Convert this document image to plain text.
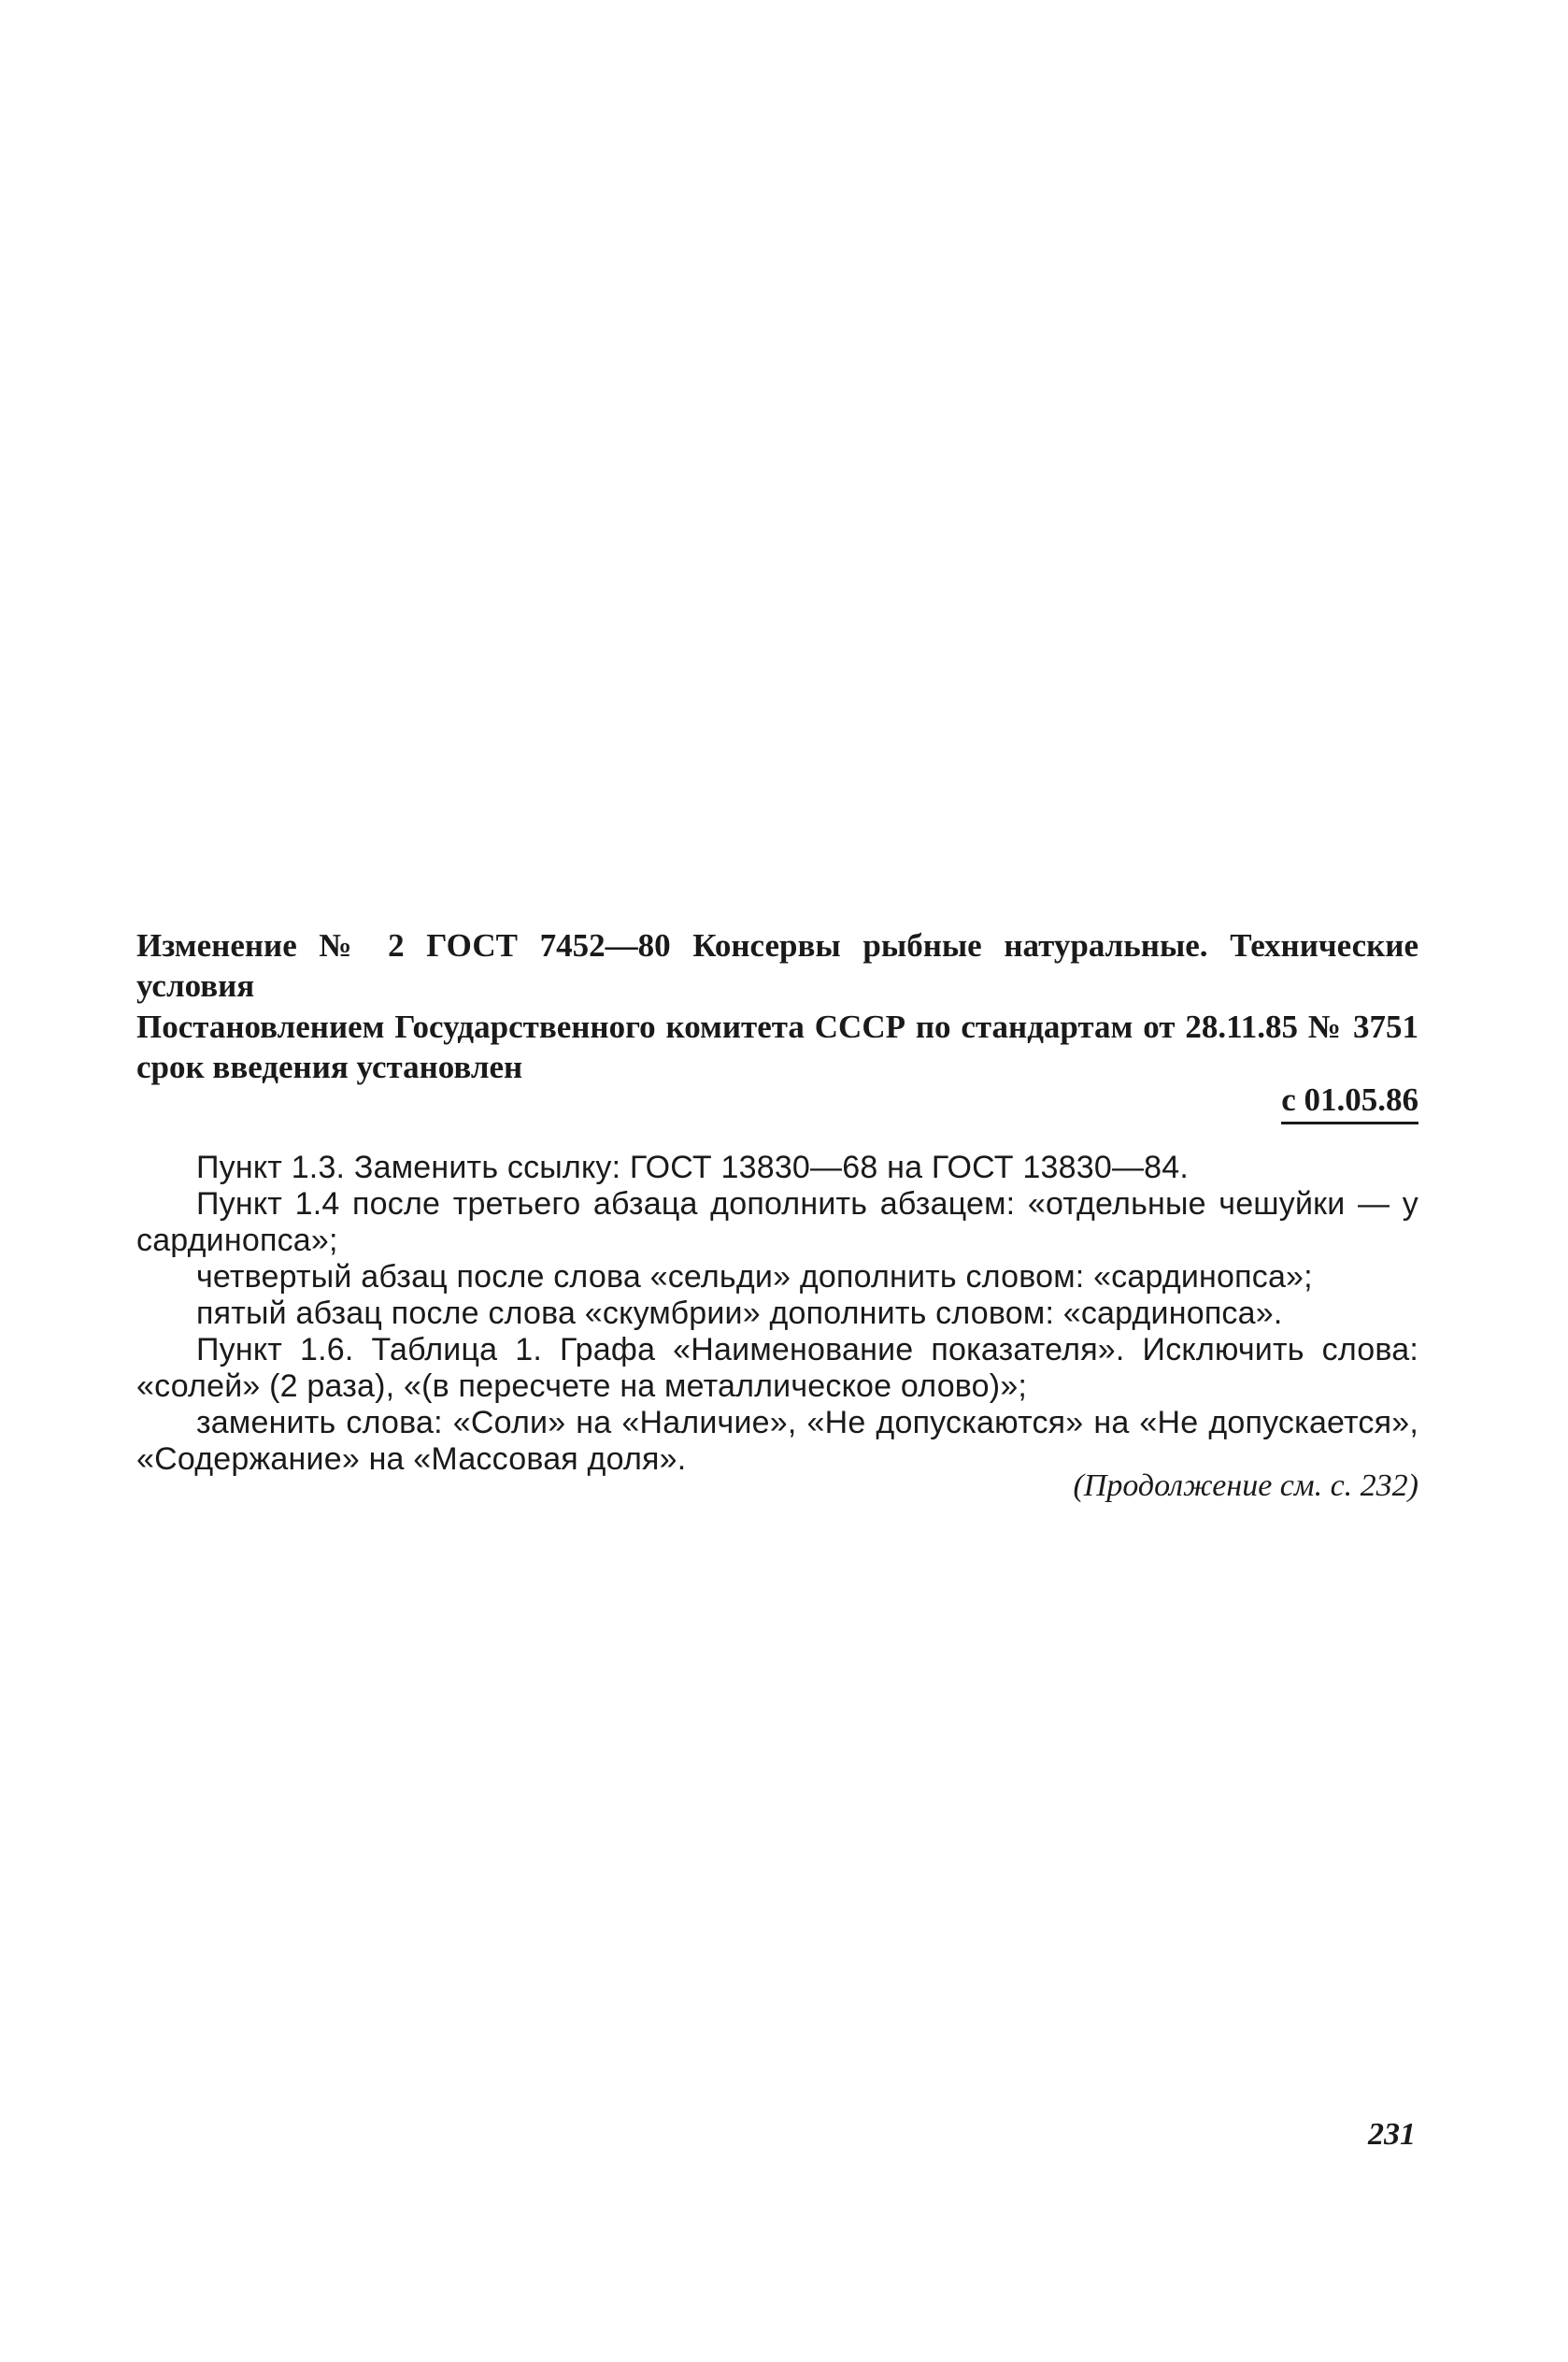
Изменение № 2 ГОСТ 7452—80 Консервы рыбные натуральные. Технические условия

Постановлением Государственного комитета СССР по стандартам от 28.11.85 № 3751 срок введения установлен

с 01.05.86

Пункт 1.3. Заменить ссылку: ГОСТ 13830—68 на ГОСТ 13830—84.

Пункт 1.4 после третьего абзаца дополнить абзацем: «отдельные чешуйки — у сардинопса»;

четвертый абзац после слова «сельди» дополнить словом: «сардинопса»;

пятый абзац после слова «скумбрии» дополнить словом: «сардинопса».

Пункт 1.6. Таблица 1. Графа «Наименование показателя». Исключить слова: «солей» (2 раза), «(в пересчете на металлическое олово)»;

заменить слова: «Соли» на «Наличие», «Не допускаются» на «Не допускается», «Содержание» на «Массовая доля».

(Продолжение см. с. 232)
231
